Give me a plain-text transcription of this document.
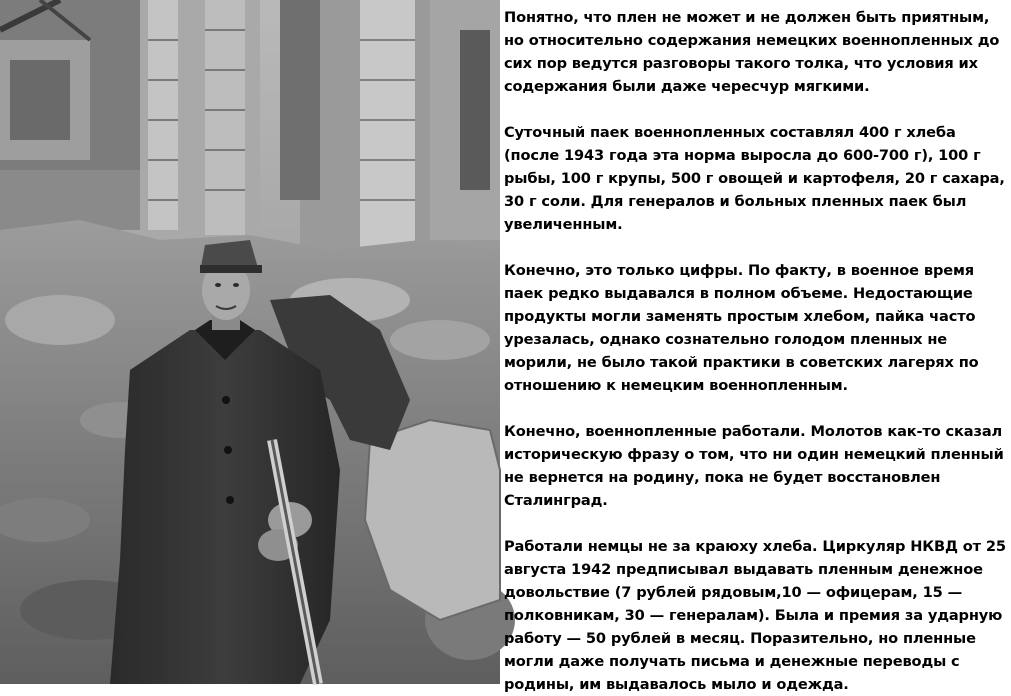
Понятно, что плен не может и не должен быть приятным, но относительно содержания немецких военнопленных до сих пор ведутся разговоры такого толка, что условия их содержания были даже чересчур мягкими.

Суточный паек военнопленных составлял 400 г хлеба (после 1943 года эта норма выросла до 600-700 г), 100 г рыбы, 100 г крупы, 500 г овощей и картофеля, 20 г сахара, 30 г соли. Для генералов и больных пленных паек был увеличенным.

Конечно, это только цифры. По факту, в военное время паек редко выдавался в полном объеме. Недостающие продукты могли заменять простым хлебом, пайка часто урезалась, однако сознательно голодом пленных не морили, не было такой практики в советских лагерях по отношению к немецким военнопленным.

Конечно, военнопленные работали. Молотов как-то сказал историческую фразу о том, что ни один немецкий пленный не вернется на родину, пока не будет восстановлен Сталинград.

Работали немцы не за краюху хлеба. Циркуляр НКВД от 25 августа 1942 предписывал выдавать пленным денежное довольствие (7 рублей рядовым,10 — офицерам, 15 — полковникам, 30 — генералам). Была и премия за ударную работу — 50 рублей в месяц. Поразительно, но пленные могли даже получать письма и денежные переводы с родины, им выдавалось мыло и одежда.
